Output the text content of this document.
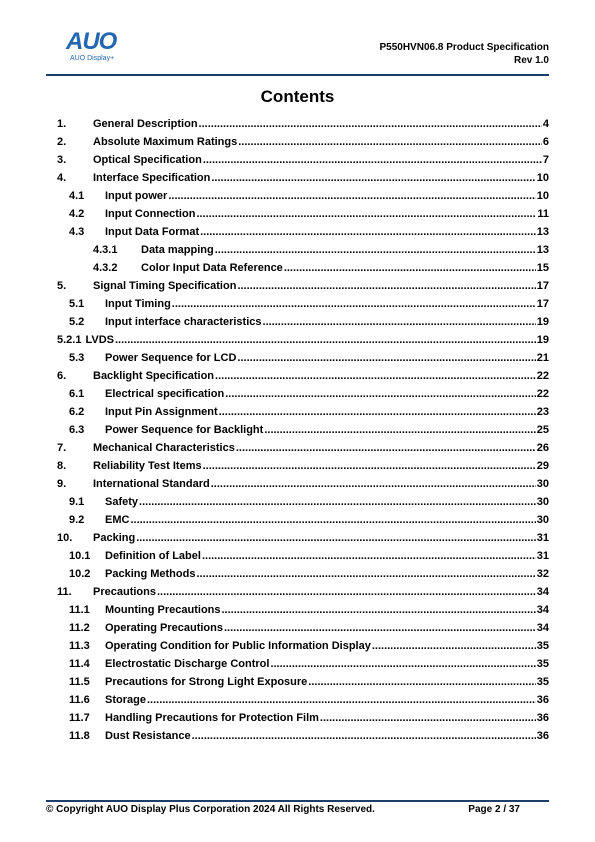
AUO
AUO Display+
P550HVN06.8 Product Specification
Rev 1.0
Contents
1.	General Description .....	4
2.	Absolute Maximum Ratings .....	6
3.	Optical Specification .....	7
4.	Interface Specification .....	10
4.1	Input power .....	10
4.2	Input Connection .....	11
4.3	Input Data Format .....	13
4.3.1	Data mapping .....	13
4.3.2	Color Input Data Reference .....	15
5.	Signal Timing Specification .....	17
5.1	Input Timing .....	17
5.2	Input interface characteristics .....	19
5.2.1 LVDS .....	19
5.3	Power Sequence for LCD .....	21
6.	Backlight Specification .....	22
6.1	Electrical specification .....	22
6.2	Input Pin Assignment .....	23
6.3	Power Sequence for Backlight .....	25
7.	Mechanical Characteristics .....	26
8.	Reliability Test Items .....	29
9.	International Standard .....	30
9.1	Safety .....	30
9.2	EMC .....	30
10.	Packing .....	31
10.1	Definition of Label .....	31
10.2	Packing Methods .....	32
11.	Precautions .....	34
11.1	Mounting Precautions .....	34
11.2	Operating Precautions .....	34
11.3	Operating Condition for Public Information Display .....	35
11.4	Electrostatic Discharge Control .....	35
11.5	Precautions for Strong Light Exposure .....	35
11.6	Storage .....	36
11.7	Handling Precautions for Protection Film .....	36
11.8	Dust Resistance .....	36
© Copyright AUO Display Plus Corporation 2024 All Rights Reserved.	Page 2 / 37
